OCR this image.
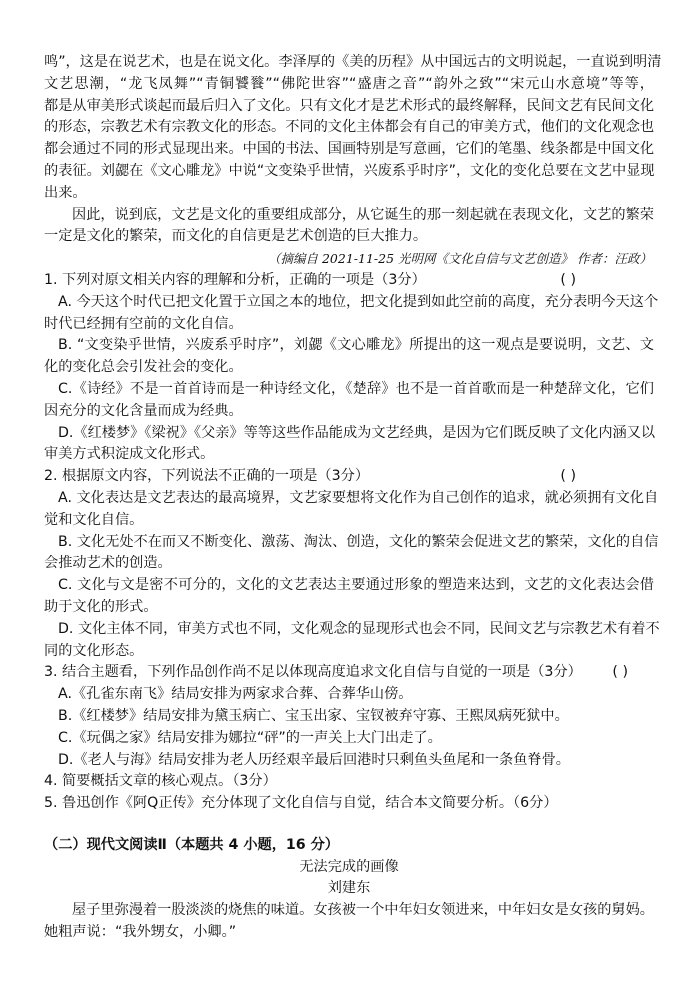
鸣”，这是在说艺术，也是在说文化。李泽厚的《美的历程》从中国远古的文明说起，一直说到明清
文艺思潮，“龙飞凤舞”“青铜饕餮”“佛陀世容”“盛唐之音”“韵外之致”“宋元山水意境”等等，
都是从审美形式谈起而最后归入了文化。只有文化才是艺术形式的最终解释，民间文艺有民间文化
的形态，宗教艺术有宗教文化的形态。不同的文化主体都会有自己的审美方式，他们的文化观念也
都会通过不同的形式显现出来。中国的书法、国画特别是写意画，它们的笔墨、线条都是中国文化
的表征。刘勰在《文心雕龙》中说“文变染乎世情，兴废系乎时序”，文化的变化总要在文艺中显现
出来。
因此，说到底，文艺是文化的重要组成部分，从它诞生的那一刻起就在表现文化，文艺的繁荣
一定是文化的繁荣，而文化的自信更是艺术创造的巨大推力。
（摘编自 2021-11-25 光明网《文化自信与文艺创造》 作者：汪政）
1. 下列对原文相关内容的理解和分析，正确的一项是（3分）	( )
A. 今天这个时代已把文化置于立国之本的地位，把文化提到如此空前的高度，充分表明今天这个
时代已经拥有空前的文化自信。
B. “文变染乎世情，兴废系乎时序”，刘勰《文心雕龙》所提出的这一观点是要说明，文艺、文
化的变化总会引发社会的变化。
C.《诗经》不是一首首诗而是一种诗经文化，《楚辞》也不是一首首歌而是一种楚辞文化，它们
因充分的文化含量而成为经典。
D.《红楼梦》《梁祝》《父亲》等等这些作品能成为文艺经典，是因为它们既反映了文化内涵又以
审美方式积淀成文化形式。
2. 根据原文内容，下列说法不正确的一项是（3分）	( )
A. 文化表达是文艺表达的最高境界，文艺家要想将文化作为自己创作的追求，就必须拥有文化自
觉和文化自信。
B. 文化无处不在而又不断变化、激荡、淘汰、创造，文化的繁荣会促进文艺的繁荣，文化的自信
会推动艺术的创造。
C. 文化与文是密不可分的，文化的文艺表达主要通过形象的塑造来达到，文艺的文化表达会借
助于文化的形式。
D. 文化主体不同，审美方式也不同，文化观念的显现形式也会不同，民间文艺与宗教艺术有着不
同的文化形态。
3. 结合主题看，下列作品创作尚不足以体现高度追求文化自信与自觉的一项是（3分） ( )
A.《孔雀东南飞》结局安排为两家求合葬、合葬华山傍。
B.《红楼梦》结局安排为黛玉病亡、宝玉出家、宝钗被弃守寡、王熙凤病死狱中。
C.《玩偶之家》结局安排为娜拉“砰”的一声关上大门出走了。
D.《老人与海》结局安排为老人历经艰辛最后回港时只剩鱼头鱼尾和一条鱼脊骨。
4. 简要概括文章的核心观点。（3分）
5. 鲁迅创作《阿Q正传》充分体现了文化自信与自觉，结合本文简要分析。（6分）
（二）现代文阅读Ⅱ（本题共 4 小题，16 分）
无法完成的画像
刘建东
屋子里弥漫着一股淡淡的烧焦的味道。女孩被一个中年妇女领进来，中年妇女是女孩的舅妈。
她粗声说：“我外甥女，小卿。”
